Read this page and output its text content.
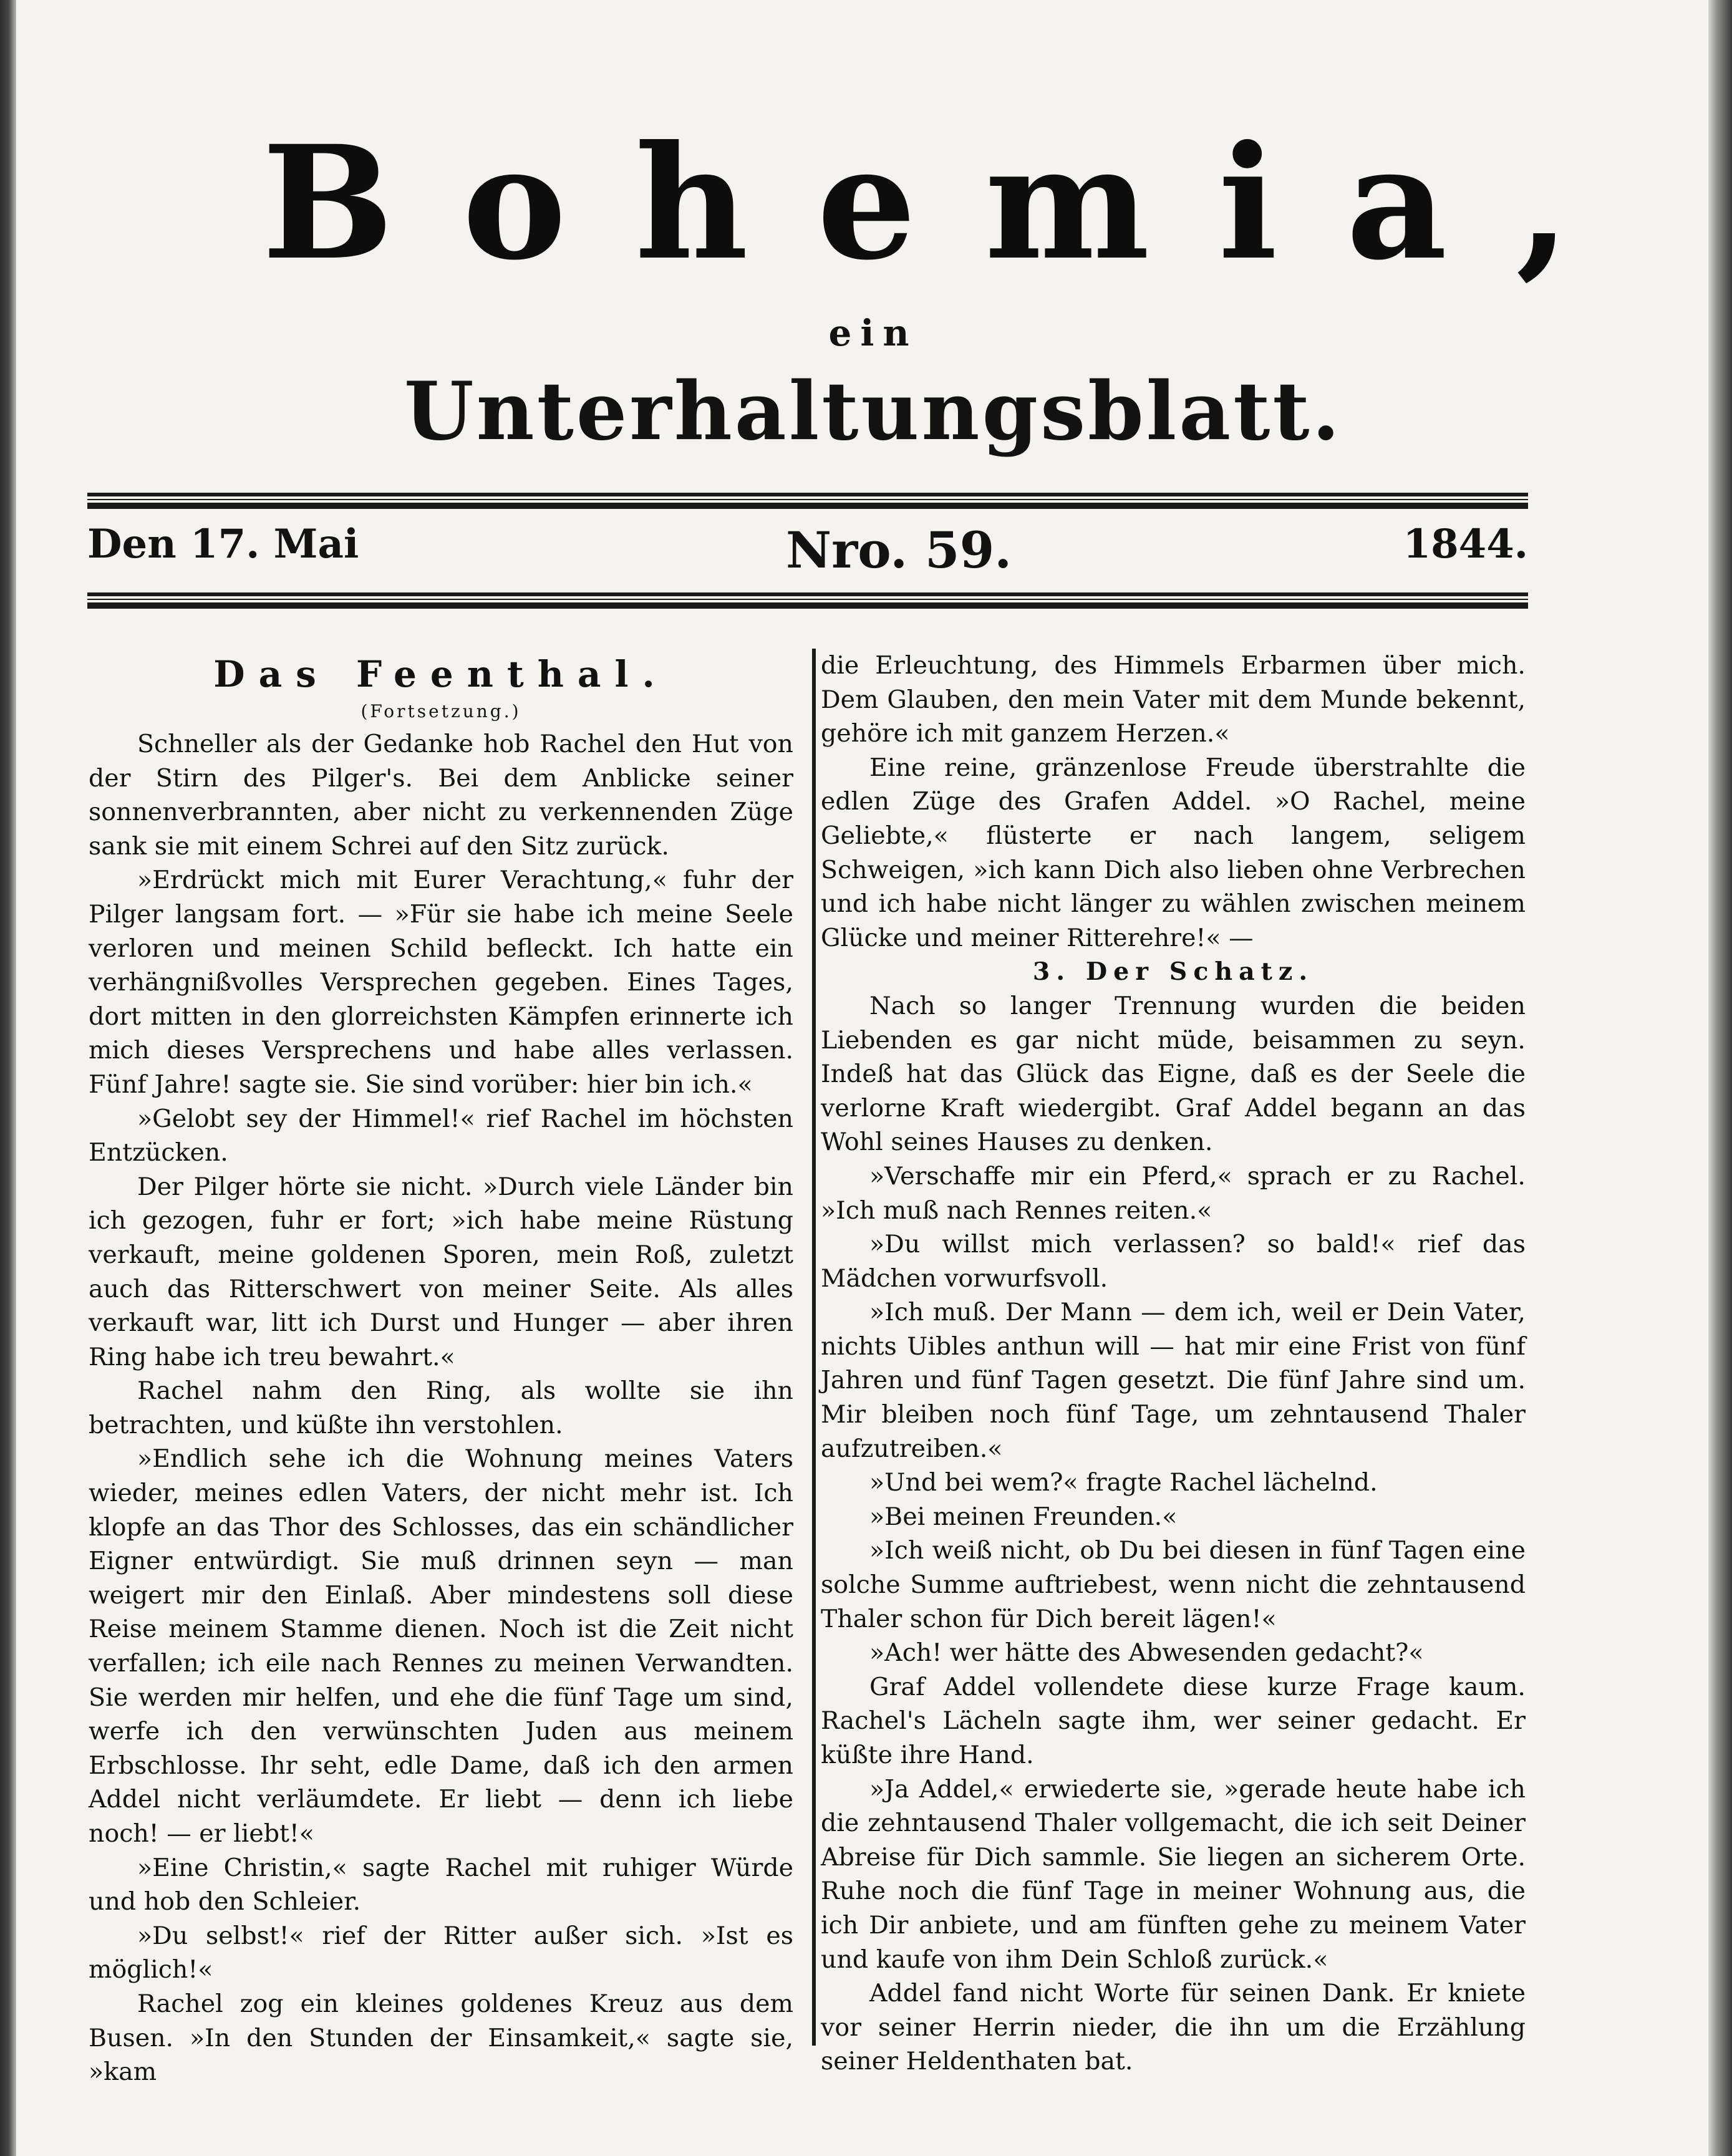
Bohemia,
ein
Unterhaltungsblatt.
Den 17. Mai	Nro. 59.	1844.
Das Feenthal.
(Fortsetzung.)

Schneller als der Gedanke hob Rachel den Hut von der Stirn des Pilger's. Bei dem Anblicke seiner sonnenverbrannten, aber nicht zu verkennenden Züge sank sie mit einem Schrei auf den Sitz zurück.

»Erdrückt mich mit Eurer Verachtung,« fuhr der Pilger langsam fort. — »Für sie habe ich meine Seele verloren und meinen Schild befleckt. Ich hatte ein verhängnißvolles Versprechen gegeben. Eines Tages, dort mitten in den glorreichsten Kämpfen erinnerte ich mich dieses Versprechens und habe alles verlassen. Fünf Jahre! sagte sie. Sie sind vorüber: hier bin ich.«

»Gelobt sey der Himmel!« rief Rachel im höchsten Entzücken.

Der Pilger hörte sie nicht. »Durch viele Länder bin ich gezogen, fuhr er fort; »ich habe meine Rüstung verkauft, meine goldenen Sporen, mein Roß, zuletzt auch das Ritterschwert von meiner Seite. Als alles verkauft war, litt ich Durst und Hunger — aber ihren Ring habe ich treu bewahrt.«

Rachel nahm den Ring, als wollte sie ihn betrachten, und küßte ihn verstohlen.

»Endlich sehe ich die Wohnung meines Vaters wieder, meines edlen Vaters, der nicht mehr ist. Ich klopfe an das Thor des Schlosses, das ein schändlicher Eigner entwürdigt. Sie muß drinnen seyn — man weigert mir den Einlaß. Aber mindestens soll diese Reise meinem Stamme dienen. Noch ist die Zeit nicht verfallen; ich eile nach Rennes zu meinen Verwandten. Sie werden mir helfen, und ehe die fünf Tage um sind, werfe ich den verwünschten Juden aus meinem Erbschlosse. Ihr seht, edle Dame, daß ich den armen Addel nicht verläumdete. Er liebt — denn ich liebe noch! — er liebt!«

»Eine Christin,« sagte Rachel mit ruhiger Würde und hob den Schleier.

»Du selbst!« rief der Ritter außer sich. »Ist es möglich!«

Rachel zog ein kleines goldenes Kreuz aus dem Busen. »In den Stunden der Einsamkeit,« sagte sie, »kam

die Erleuchtung, des Himmels Erbarmen über mich. Dem Glauben, den mein Vater mit dem Munde bekennt, gehöre ich mit ganzem Herzen.«

Eine reine, gränzenlose Freude überstrahlte die edlen Züge des Grafen Addel. »O Rachel, meine Geliebte,« flüsterte er nach langem, seligem Schweigen, »ich kann Dich also lieben ohne Verbrechen und ich habe nicht länger zu wählen zwischen meinem Glücke und meiner Ritterehre!« —

3. Der Schatz.

Nach so langer Trennung wurden die beiden Liebenden es gar nicht müde, beisammen zu seyn. Indeß hat das Glück das Eigne, daß es der Seele die verlorne Kraft wiedergibt. Graf Addel begann an das Wohl seines Hauses zu denken.

»Verschaffe mir ein Pferd,« sprach er zu Rachel. »Ich muß nach Rennes reiten.«

»Du willst mich verlassen? so bald!« rief das Mädchen vorwurfsvoll.

»Ich muß. Der Mann — dem ich, weil er Dein Vater, nichts Uibles anthun will — hat mir eine Frist von fünf Jahren und fünf Tagen gesetzt. Die fünf Jahre sind um. Mir bleiben noch fünf Tage, um zehntausend Thaler aufzutreiben.«

»Und bei wem?« fragte Rachel lächelnd.

»Bei meinen Freunden.«

»Ich weiß nicht, ob Du bei diesen in fünf Tagen eine solche Summe auftriebest, wenn nicht die zehntausend Thaler schon für Dich bereit lägen!«

»Ach! wer hätte des Abwesenden gedacht?«

Graf Addel vollendete diese kurze Frage kaum. Rachel's Lächeln sagte ihm, wer seiner gedacht. Er küßte ihre Hand.

»Ja Addel,« erwiederte sie, »gerade heute habe ich die zehntausend Thaler vollgemacht, die ich seit Deiner Abreise für Dich sammle. Sie liegen an sicherem Orte. Ruhe noch die fünf Tage in meiner Wohnung aus, die ich Dir anbiete, und am fünften gehe zu meinem Vater und kaufe von ihm Dein Schloß zurück.«

Addel fand nicht Worte für seinen Dank. Er kniete vor seiner Herrin nieder, die ihn um die Erzählung seiner Heldenthaten bat.
